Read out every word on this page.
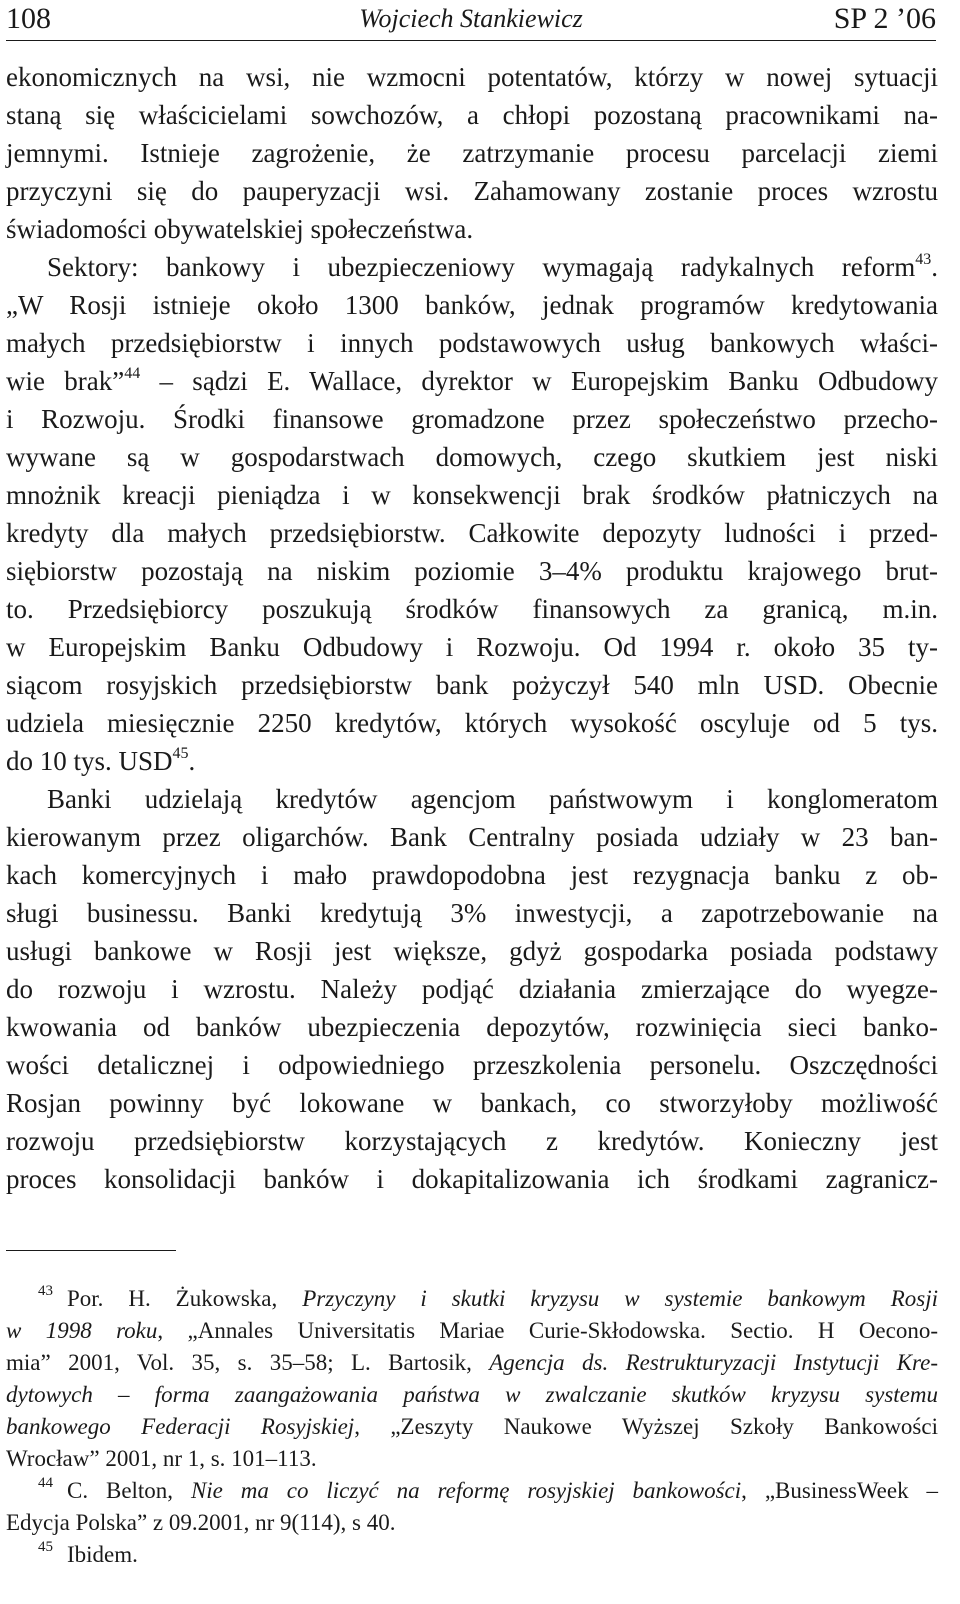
108	Wojciech Stankiewicz	SP 2 ’06
ekonomicznych na wsi, nie wzmocni potentatów, którzy w nowej sytuacji
staną się właścicielami sowchozów, a chłopi pozostaną pracownikami na-
jemnymi. Istnieje zagrożenie, że zatrzymanie procesu parcelacji ziemi
przyczyni się do pauperyzacji wsi. Zahamowany zostanie proces wzrostu
świadomości obywatelskiej społeczeństwa.
Sektory: bankowy i ubezpieczeniowy wymagają radykalnych reform$^{43}$.
„W Rosji istnieje około 1300 banków, jednak programów kredytowania
małych przedsiębiorstw i innych podstawowych usług bankowych właści-
wie brak”$^{44}$ – sądzi E. Wallace, dyrektor w Europejskim Banku Odbudowy
i Rozwoju. Środki finansowe gromadzone przez społeczeństwo przecho-
wywane są w gospodarstwach domowych, czego skutkiem jest niski
mnożnik kreacji pieniądza i w konsekwencji brak środków płatniczych na
kredyty dla małych przedsiębiorstw. Całkowite depozyty ludności i przed-
siębiorstw pozostają na niskim poziomie 3–4% produktu krajowego brut-
to. Przedsiębiorcy poszukują środków finansowych za granicą, m.in.
w Europejskim Banku Odbudowy i Rozwoju. Od 1994 r. około 35 ty-
siącom rosyjskich przedsiębiorstw bank pożyczył 540 mln USD. Obecnie
udziela miesięcznie 2250 kredytów, których wysokość oscyluje od 5 tys.
do 10 tys. USD$^{45}$.
Banki udzielają kredytów agencjom państwowym i konglomeratom
kierowanym przez oligarchów. Bank Centralny posiada udziały w 23 ban-
kach komercyjnych i mało prawdopodobna jest rezygnacja banku z ob-
sługi businessu. Banki kredytują 3% inwestycji, a zapotrzebowanie na
usługi bankowe w Rosji jest większe, gdyż gospodarka posiada podstawy
do rozwoju i wzrostu. Należy podjąć działania zmierzające do wyegze-
kwowania od banków ubezpieczenia depozytów, rozwinięcia sieci banko-
wości detalicznej i odpowiedniego przeszkolenia personelu. Oszczędności
Rosjan powinny być lokowane w bankach, co stworzyłoby możliwość
rozwoju przedsiębiorstw korzystających z kredytów. Konieczny jest
proces konsolidacji banków i dokapitalizowania ich środkami zagranicz-
$^{43}$ Por. H. Żukowska, Przyczyny i skutki kryzysu w systemie bankowym Rosji
w 1998 roku, „Annales Universitatis Mariae Curie-Skłodowska. Sectio. H Oecono-
mia” 2001, Vol. 35, s. 35–58; L. Bartosik, Agencja ds. Restrukturyzacji Instytucji Kre-
dytowych – forma zaangażowania państwa w zwalczanie skutków kryzysu systemu
bankowego Federacji Rosyjskiej, „Zeszyty Naukowe Wyższej Szkoły Bankowości
Wrocław” 2001, nr 1, s. 101–113.
$^{44}$ C. Belton, Nie ma co liczyć na reformę rosyjskiej bankowości, „BusinessWeek –
Edycja Polska” z 09.2001, nr 9(114), s 40.
$^{45}$ Ibidem.
